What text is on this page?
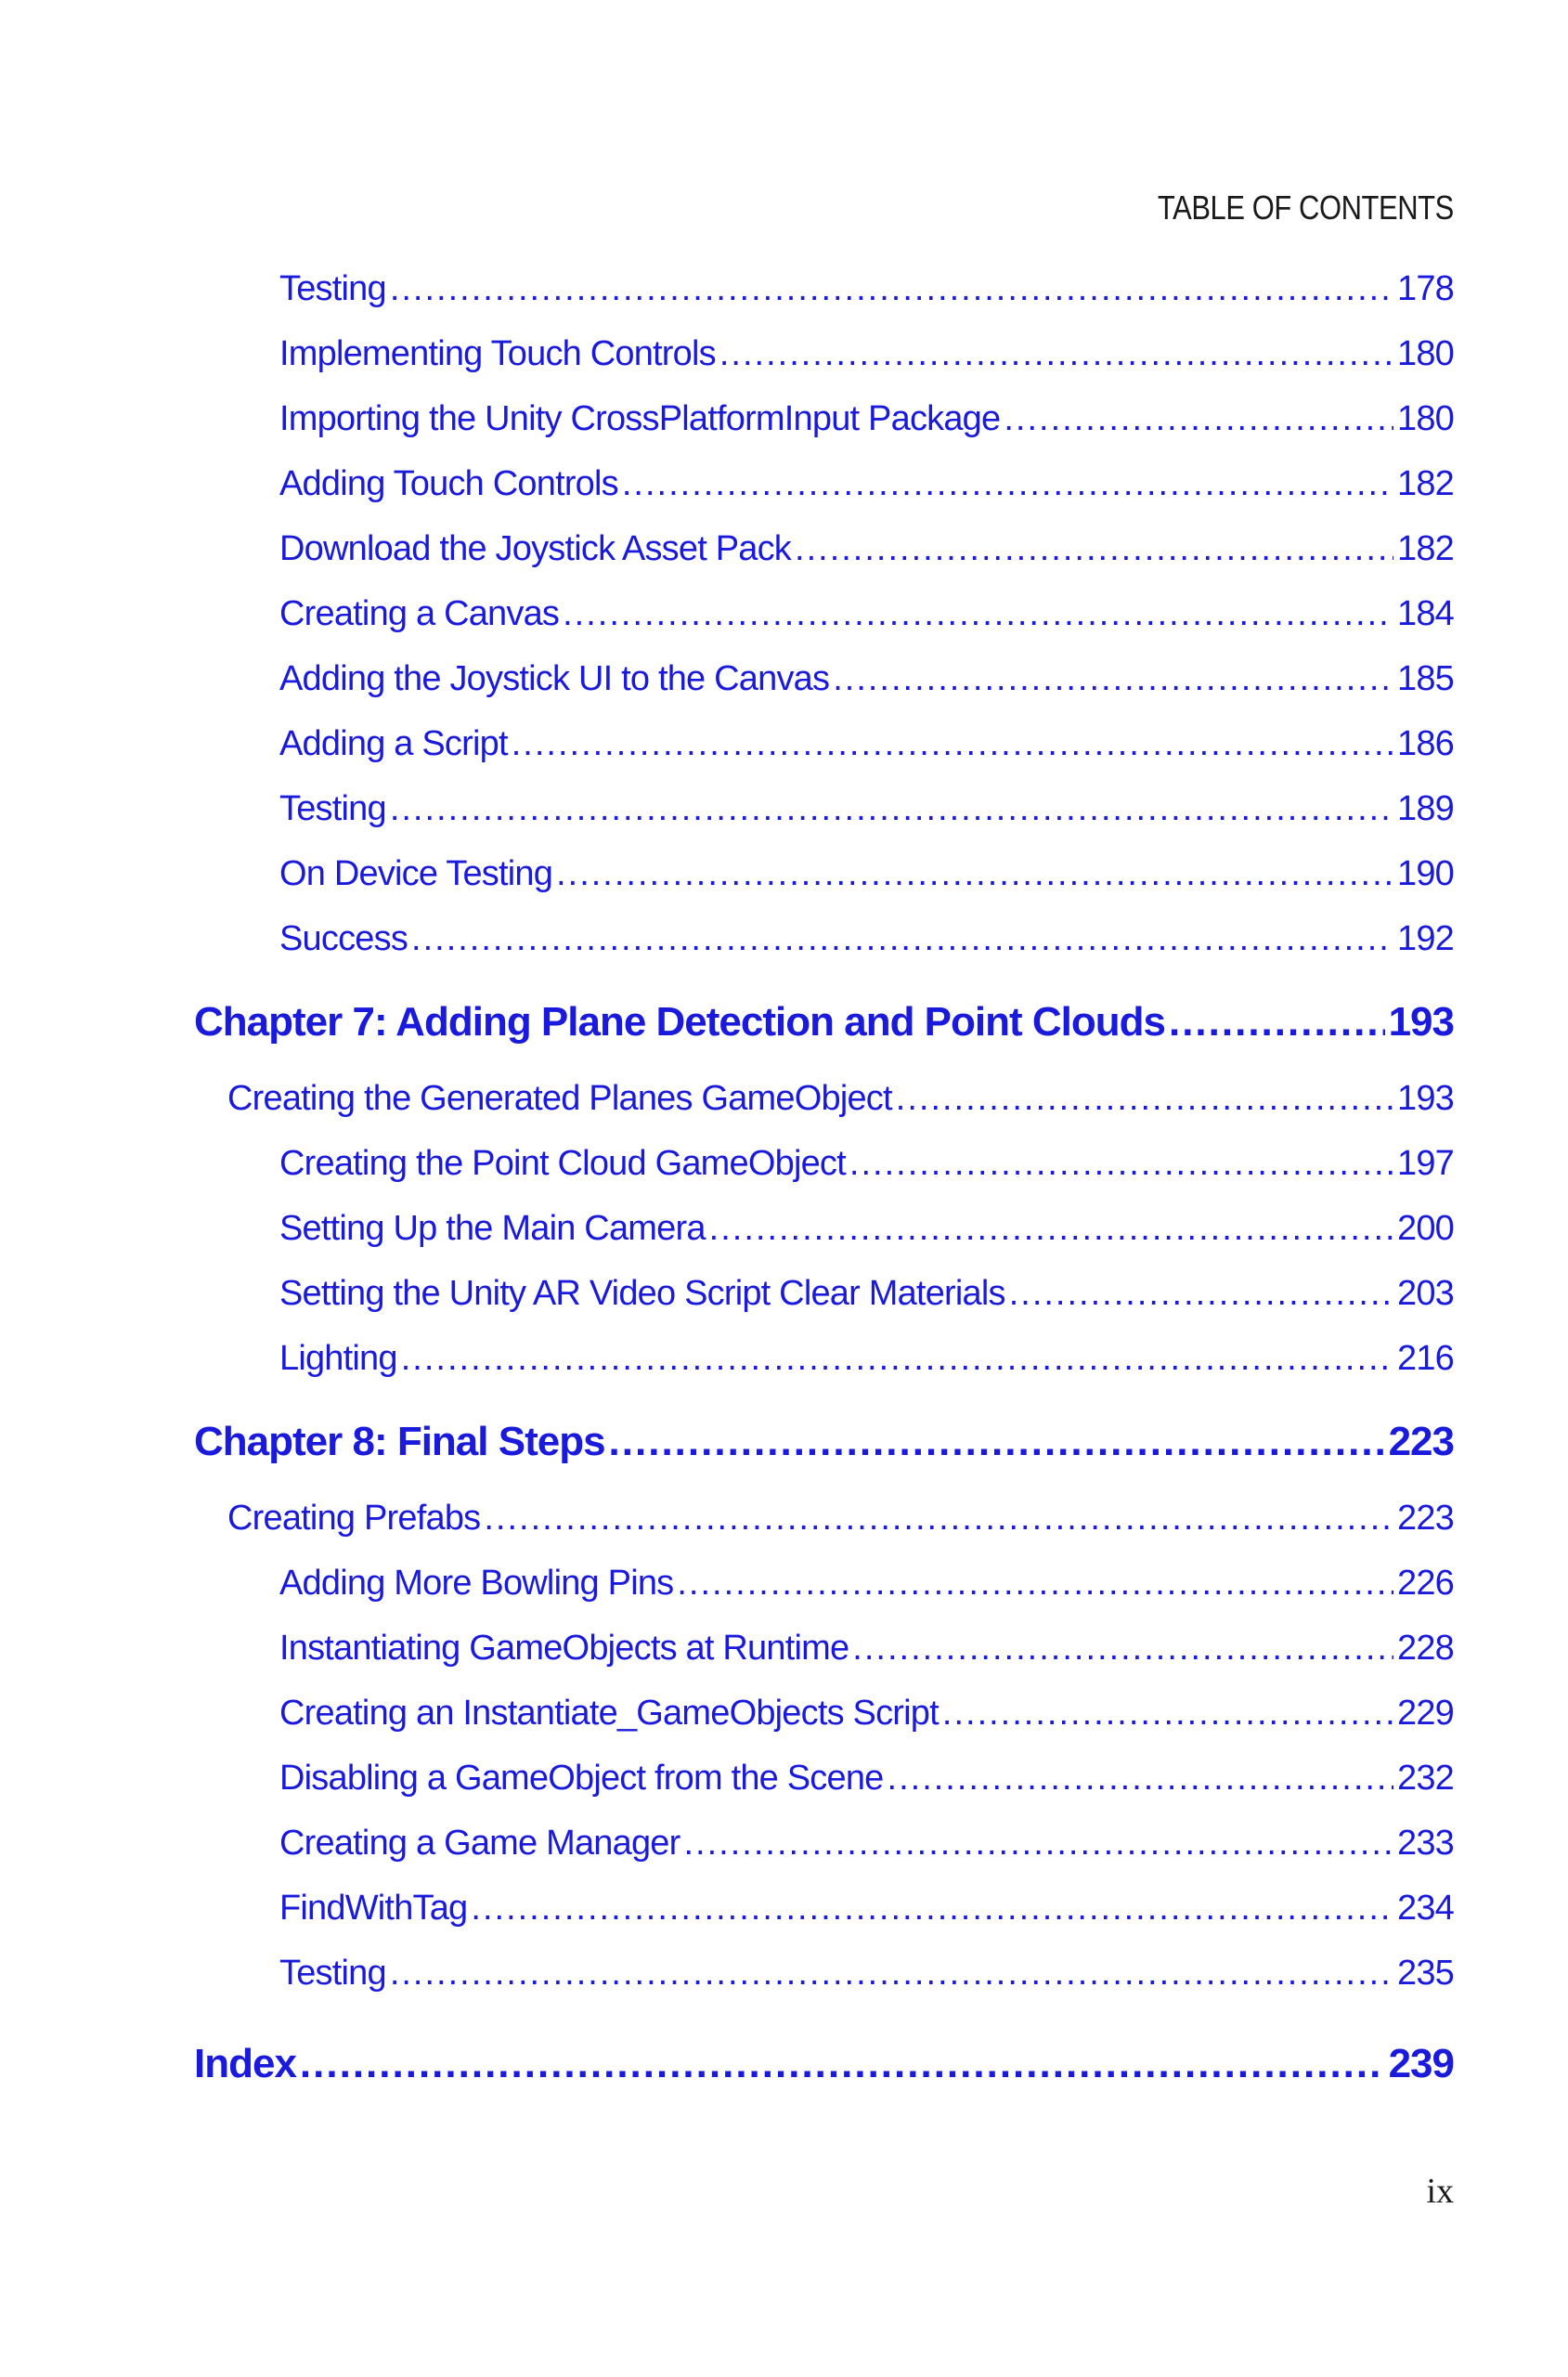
TABLE OF CONTENTS
Testing .....	178
Implementing Touch Controls .....	180
Importing the Unity CrossPlatformInput Package .....	180
Adding Touch Controls .....	182
Download the Joystick Asset Pack .....	182
Creating a Canvas .....	184
Adding the Joystick UI to the Canvas .....	185
Adding a Script .....	186
Testing .....	189
On Device Testing .....	190
Success .....	192
Chapter 7: Adding Plane Detection and Point Clouds .....	193
Creating the Generated Planes GameObject .....	193
Creating the Point Cloud GameObject .....	197
Setting Up the Main Camera .....	200
Setting the Unity AR Video Script Clear Materials .....	203
Lighting .....	216
Chapter 8: Final Steps .....	223
Creating Prefabs .....	223
Adding More Bowling Pins .....	226
Instantiating GameObjects at Runtime .....	228
Creating an Instantiate_GameObjects Script .....	229
Disabling a GameObject from the Scene .....	232
Creating a Game Manager .....	233
FindWithTag .....	234
Testing .....	235
Index .....	239
ix
